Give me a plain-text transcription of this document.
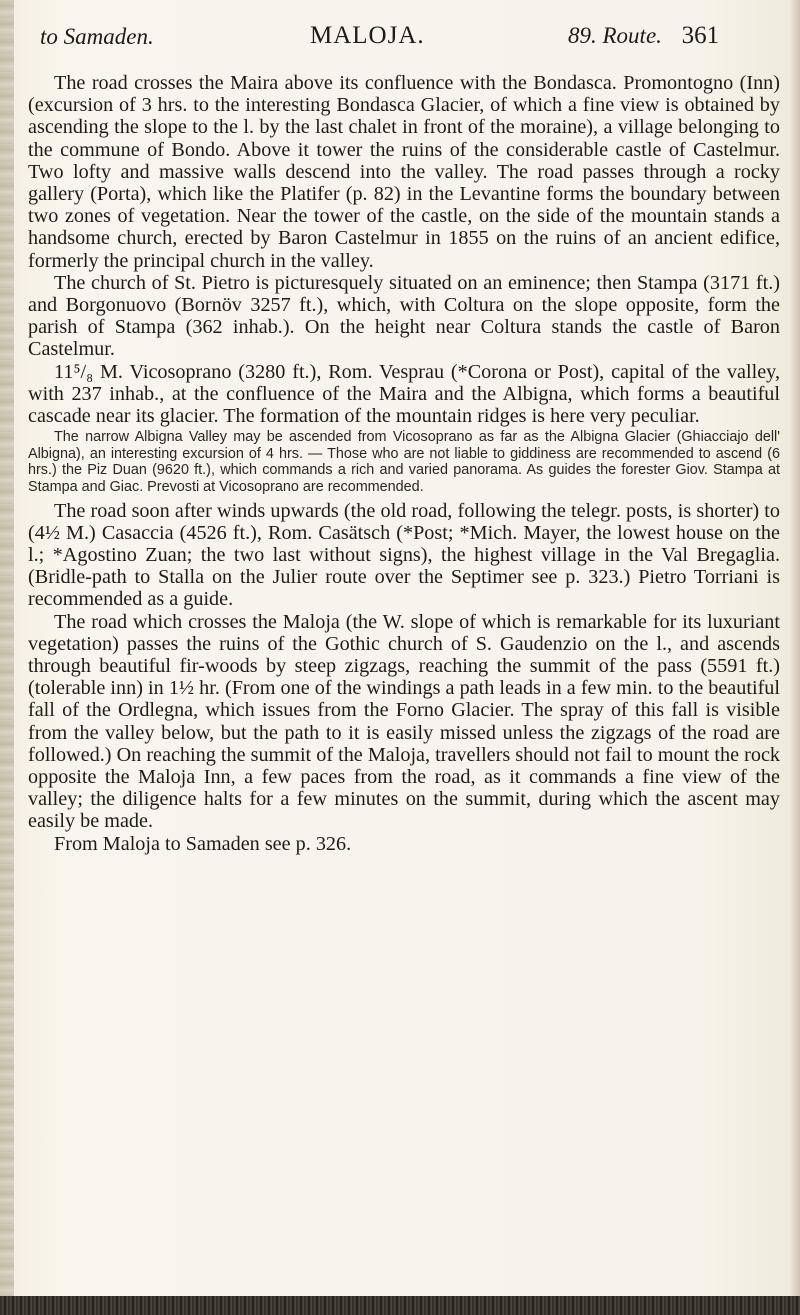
to Samaden.	MALOJA.	89. Route. 361

The road crosses the Maira above its confluence with the Bondasca. Promontogno (Inn) (excursion of 3 hrs. to the interesting Bondasca Glacier, of which a fine view is obtained by ascending the slope to the l. by the last chalet in front of the moraine), a village belonging to the commune of Bondo. Above it tower the ruins of the considerable castle of Castelmur. Two lofty and massive walls descend into the valley. The road passes through a rocky gallery (Porta), which like the Platifer (p. 82) in the Levantine forms the boundary between two zones of vegetation. Near the tower of the castle, on the side of the mountain stands a handsome church, erected by Baron Castelmur in 1855 on the ruins of an ancient edifice, formerly the principal church in the valley.

The church of St. Pietro is picturesquely situated on an eminence; then Stampa (3171 ft.) and Borgonuovo (Bornöv 3257 ft.), which, with Coltura on the slope opposite, form the parish of Stampa (362 inhab.). On the height near Coltura stands the castle of Baron Castelmur.

11⁵/₈ M. Vicosoprano (3280 ft.), Rom. Vesprau (*Corona or Post), capital of the valley, with 237 inhab., at the confluence of the Maira and the Albigna, which forms a beautiful cascade near its glacier. The formation of the mountain ridges is here very peculiar.

The narrow Albigna Valley may be ascended from Vicosoprano as far as the Albigna Glacier (Ghiacciajo dell' Albigna), an interesting excursion of 4 hrs. — Those who are not liable to giddiness are recommended to ascend (6 hrs.) the Piz Duan (9620 ft.), which commands a rich and varied panorama. As guides the forester Giov. Stampa at Stampa and Giac. Prevosti at Vicosoprano are recommended.

The road soon after winds upwards (the old road, following the telegr. posts, is shorter) to (4½ M.) Casaccia (4526 ft.), Rom. Casätsch (*Post; *Mich. Mayer, the lowest house on the l.; *Agostino Zuan; the two last without signs), the highest village in the Val Bregaglia. (Bridle-path to Stalla on the Julier route over the Septimer see p. 323.) Pietro Torriani is recommended as a guide.

The road which crosses the Maloja (the W. slope of which is remarkable for its luxuriant vegetation) passes the ruins of the Gothic church of S. Gaudenzio on the l., and ascends through beautiful fir-woods by steep zigzags, reaching the summit of the pass (5591 ft.) (tolerable inn) in 1½ hr. (From one of the windings a path leads in a few min. to the beautiful fall of the Ordlegna, which issues from the Forno Glacier. The spray of this fall is visible from the valley below, but the path to it is easily missed unless the zigzags of the road are followed.) On reaching the summit of the Maloja, travellers should not fail to mount the rock opposite the Maloja Inn, a few paces from the road, as it commands a fine view of the valley; the diligence halts for a few minutes on the summit, during which the ascent may easily be made.

From Maloja to Samaden see p. 326.
